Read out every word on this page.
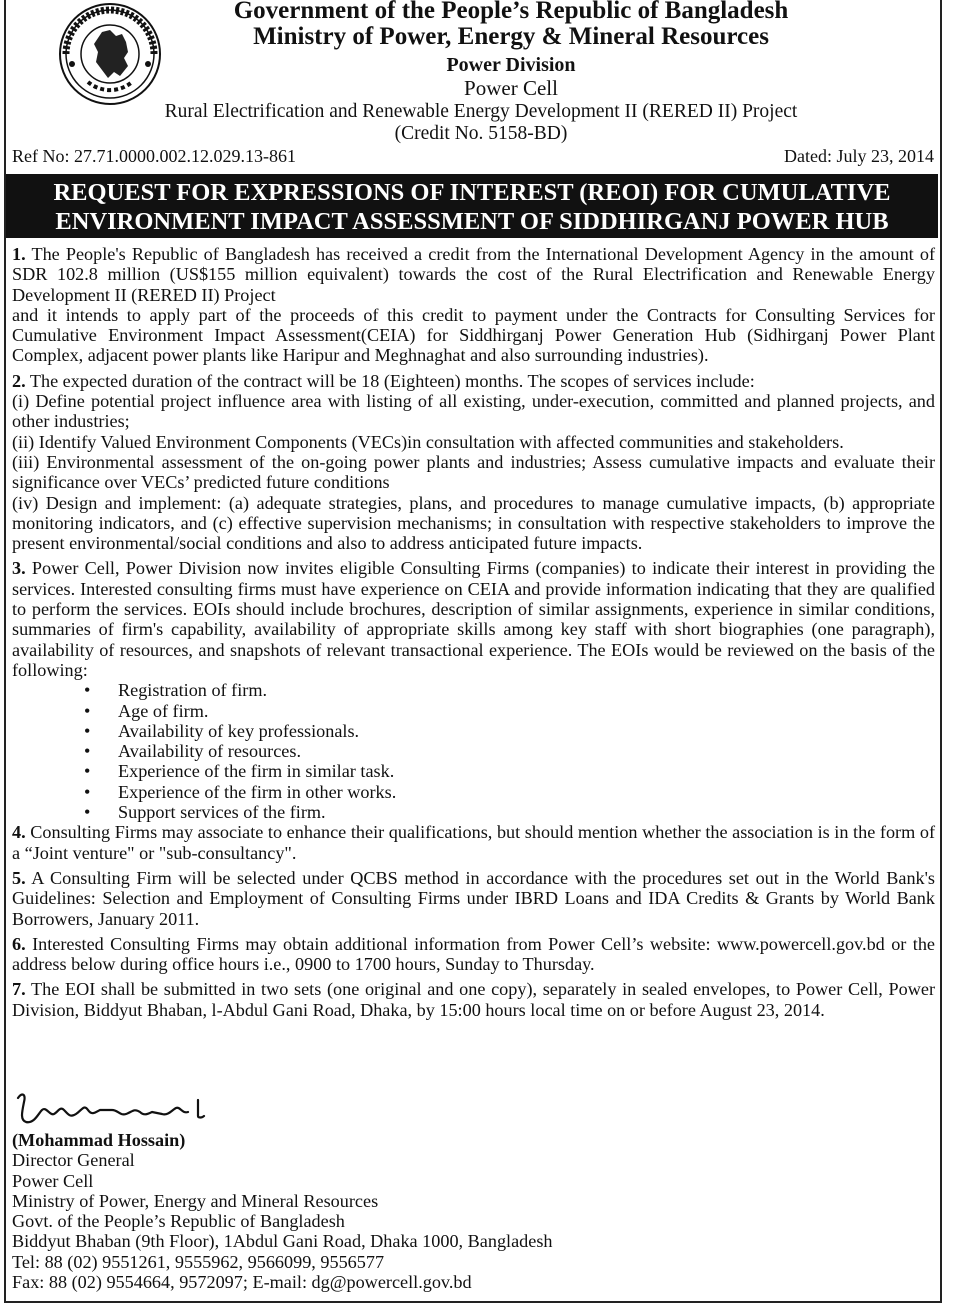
Government of the People’s Republic of Bangladesh
Ministry of Power, Energy & Mineral Resources
Power Division
Power Cell
Rural Electrification and Renewable Energy Development II (RERED II) Project
(Credit No. 5158-BD)
Ref No: 27.71.0000.002.12.029.13-861	Dated: July 23, 2014
REQUEST FOR EXPRESSIONS OF INTEREST (REOI) FOR CUMULATIVE
ENVIRONMENT IMPACT ASSESSMENT OF SIDDHIRGANJ POWER HUB

1. The People's Republic of Bangladesh has received a credit from the International Development Agency in the amount of SDR 102.8 million (US$155 million equivalent) towards the cost of the Rural Electrification and Renewable Energy Development II (RERED II) Project

and it intends to apply part of the proceeds of this credit to payment under the Contracts for Consulting Services for Cumulative Environment Impact Assessment(CEIA) for Siddhirganj Power Generation Hub (Sidhirganj Power Plant Complex, adjacent power plants like Haripur and Meghnaghat and also surrounding industries).

2. The expected duration of the contract will be 18 (Eighteen) months. The scopes of services include:

(i) Define potential project influence area with listing of all existing, under-execution, committed and planned projects, and other industries;

(ii) Identify Valued Environment Components (VECs)in consultation with affected communities and stakeholders.

(iii) Environmental assessment of the on-going power plants and industries; Assess cumulative impacts and evaluate their significance over VECs’ predicted future conditions

(iv) Design and implement: (a) adequate strategies, plans, and procedures to manage cumulative impacts, (b) appropriate monitoring indicators, and (c) effective supervision mechanisms; in consultation with respective stakeholders to improve the present environmental/social conditions and also to address anticipated future impacts.

3. Power Cell, Power Division now invites eligible Consulting Firms (companies) to indicate their interest in providing the services. Interested consulting firms must have experience on CEIA and provide information indicating that they are qualified to perform the services. EOIs should include brochures, description of similar assignments, experience in similar conditions, summaries of firm's capability, availability of appropriate skills among key staff with short biographies (one paragraph), availability of resources, and snapshots of relevant transactional experience. The EOIs would be reviewed on the basis of the following:

• Registration of firm.
• Age of firm.
• Availability of key professionals.
• Availability of resources.
• Experience of the firm in similar task.
• Experience of the firm in other works.
• Support services of the firm.

4. Consulting Firms may associate to enhance their qualifications, but should mention whether the association is in the form of a “Joint venture" or "sub-consultancy".

5. A Consulting Firm will be selected under QCBS method in accordance with the procedures set out in the World Bank's Guidelines: Selection and Employment of Consulting Firms under IBRD Loans and IDA Credits & Grants by World Bank Borrowers, January 2011.

6. Interested Consulting Firms may obtain additional information from Power Cell’s website: www.powercell.gov.bd or the address below during office hours i.e., 0900 to 1700 hours, Sunday to Thursday.

7. The EOI shall be submitted in two sets (one original and one copy), separately in sealed envelopes, to Power Cell, Power Division, Biddyut Bhaban, l-Abdul Gani Road, Dhaka, by 15:00 hours local time on or before August 23, 2014.

(Mohammad Hossain)
Director General
Power Cell
Ministry of Power, Energy and Mineral Resources
Govt. of the People’s Republic of Bangladesh
Biddyut Bhaban (9th Floor), 1Abdul Gani Road, Dhaka 1000, Bangladesh
Tel: 88 (02) 9551261, 9555962, 9566099, 9556577
Fax: 88 (02) 9554664, 9572097; E-mail: dg@powercell.gov.bd
